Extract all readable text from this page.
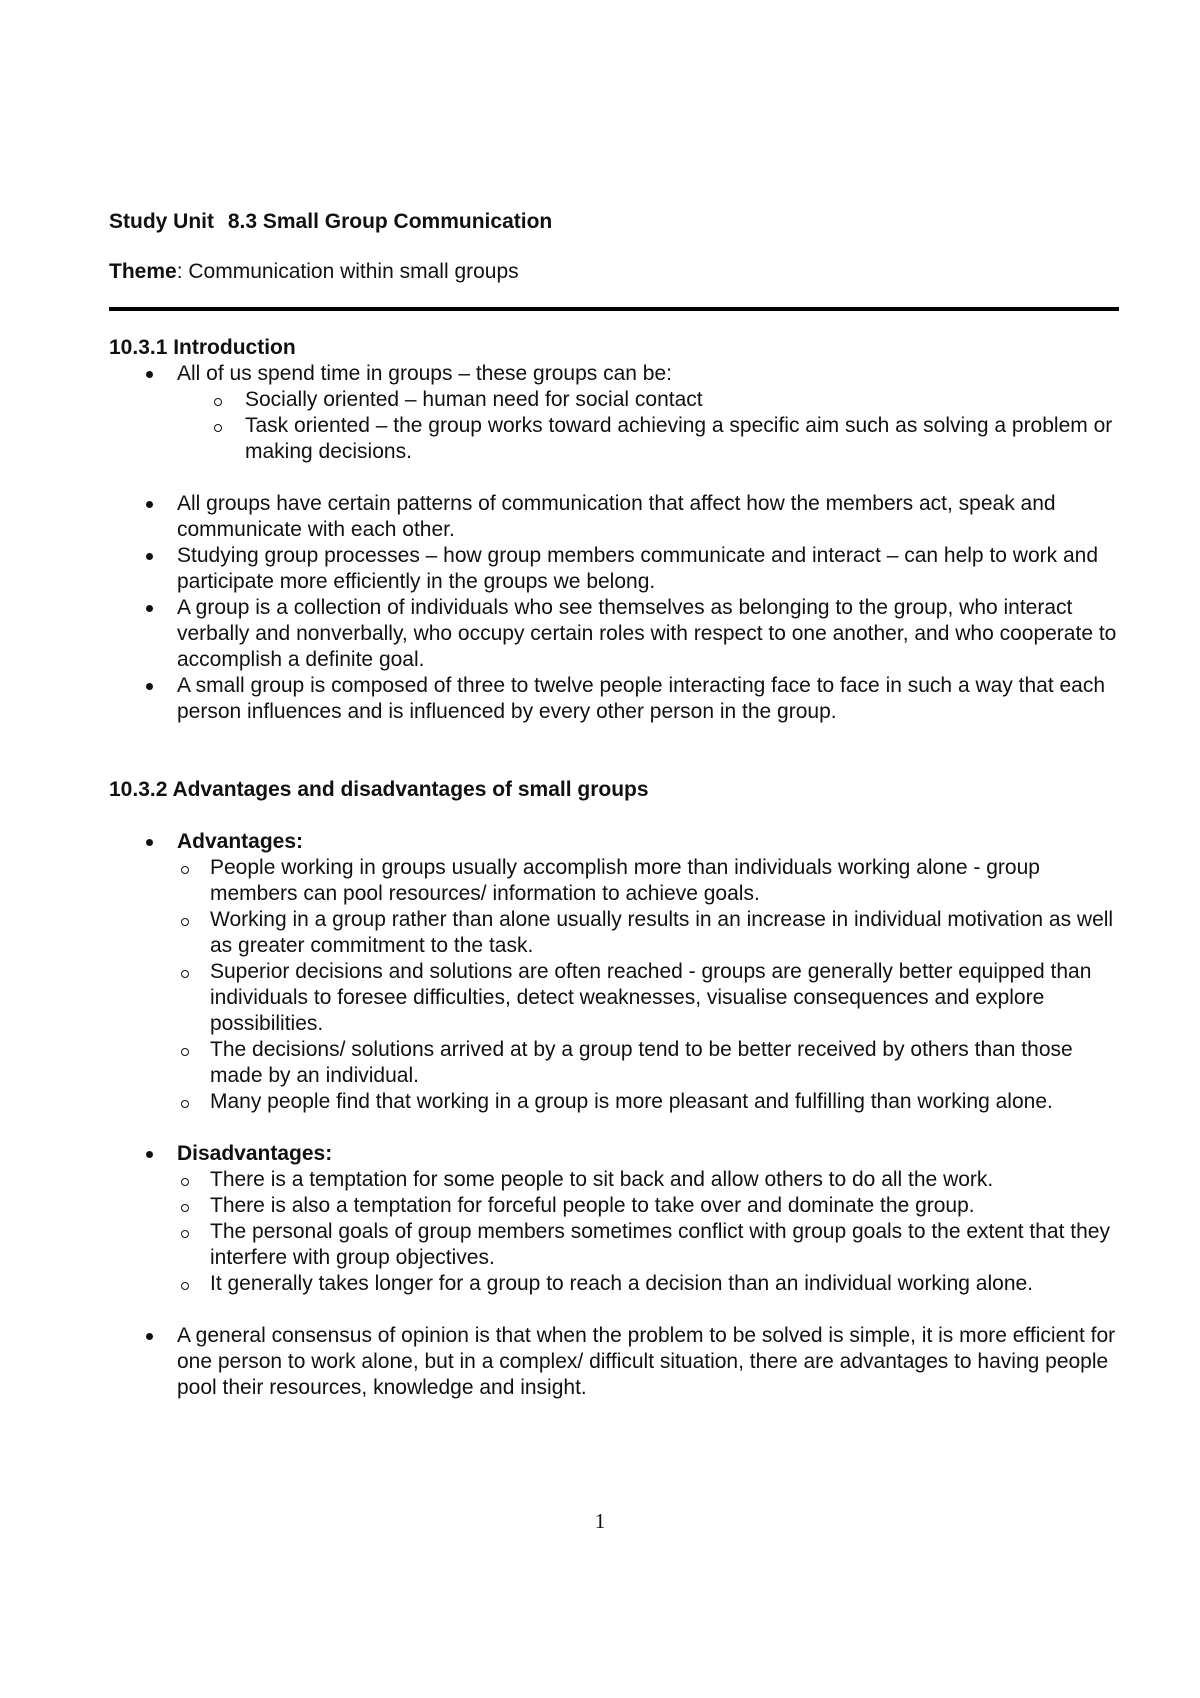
Study Unit 8.3 Small Group Communication

Theme: Communication within small groups

10.3.1 Introduction

All of us spend time in groups – these groups can be:
Socially oriented – human need for social contact
Task oriented – the group works toward achieving a specific aim such as solving a problem or making decisions.
All groups have certain patterns of communication that affect how the members act, speak and communicate with each other.
Studying group processes – how group members communicate and interact – can help to work and participate more efficiently in the groups we belong.
A group is a collection of individuals who see themselves as belonging to the group, who interact verbally and nonverbally, who occupy certain roles with respect to one another, and who cooperate to accomplish a definite goal.
A small group is composed of three to twelve people interacting face to face in such a way that each person influences and is influenced by every other person in the group.

10.3.2 Advantages and disadvantages of small groups

Advantages:
People working in groups usually accomplish more than individuals working alone - group members can pool resources/ information to achieve goals.
Working in a group rather than alone usually results in an increase in individual motivation as well as greater commitment to the task.
Superior decisions and solutions are often reached - groups are generally better equipped than individuals to foresee difficulties, detect weaknesses, visualise consequences and explore possibilities.
The decisions/ solutions arrived at by a group tend to be better received by others than those made by an individual.
Many people find that working in a group is more pleasant and fulfilling than working alone.
Disadvantages:
There is a temptation for some people to sit back and allow others to do all the work.
There is also a temptation for forceful people to take over and dominate the group.
The personal goals of group members sometimes conflict with group goals to the extent that they interfere with group objectives.
It generally takes longer for a group to reach a decision than an individual working alone.
A general consensus of opinion is that when the problem to be solved is simple, it is more efficient for one person to work alone, but in a complex/ difficult situation, there are advantages to having people pool their resources, knowledge and insight.
1
